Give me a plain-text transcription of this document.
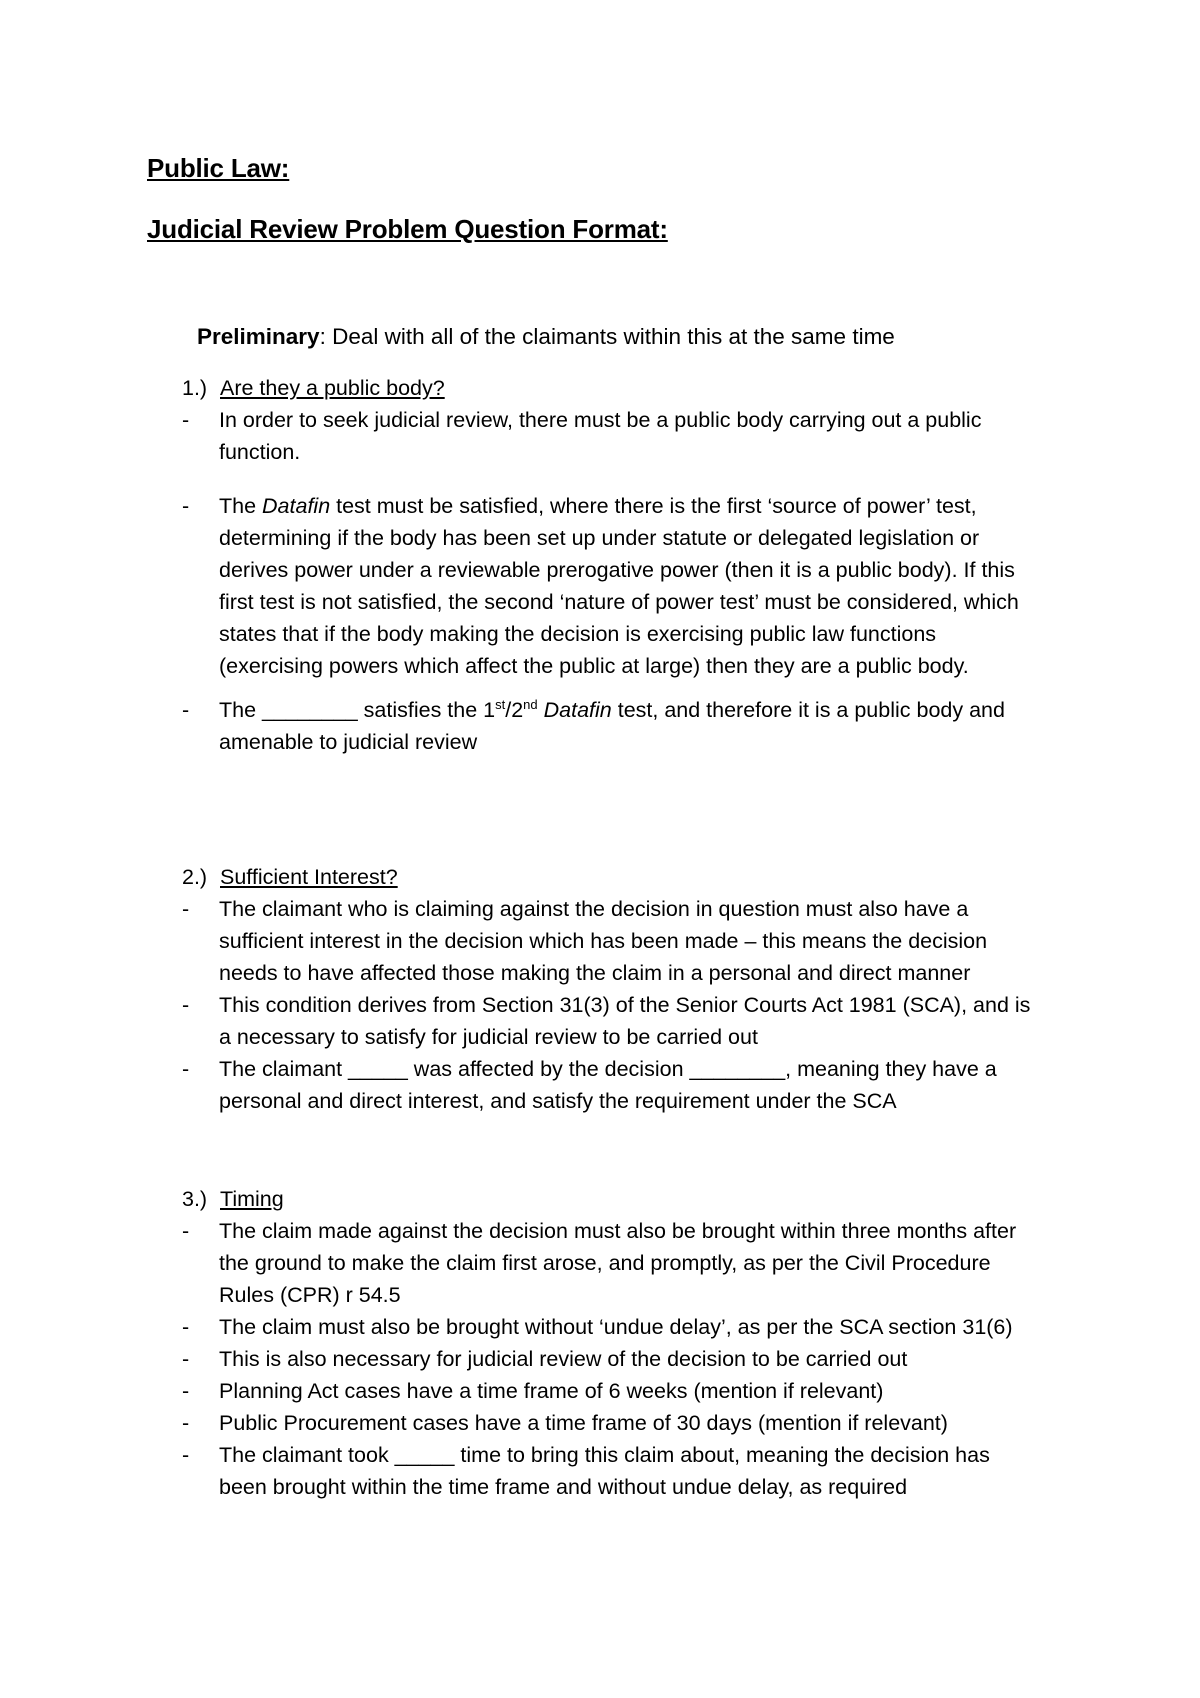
Public Law:
Judicial Review Problem Question Format:
Preliminary: Deal with all of the claimants within this at the same time
1.) Are they a public body?
- In order to seek judicial review, there must be a public body carrying out a public
function.
- The Datafin test must be satisfied, where there is the first ‘source of power’ test,
determining if the body has been set up under statute or delegated legislation or
derives power under a reviewable prerogative power (then it is a public body). If this
first test is not satisfied, the second ‘nature of power test’ must be considered, which
states that if the body making the decision is exercising public law functions
(exercising powers which affect the public at large) then they are a public body.
- The ________ satisfies the 1st/2nd Datafin test, and therefore it is a public body and
amenable to judicial review
2.) Sufficient Interest?
- The claimant who is claiming against the decision in question must also have a
sufficient interest in the decision which has been made – this means the decision
needs to have affected those making the claim in a personal and direct manner
- This condition derives from Section 31(3) of the Senior Courts Act 1981 (SCA), and is
a necessary to satisfy for judicial review to be carried out
- The claimant _____ was affected by the decision ________, meaning they have a
personal and direct interest, and satisfy the requirement under the SCA
3.) Timing
- The claim made against the decision must also be brought within three months after
the ground to make the claim first arose, and promptly, as per the Civil Procedure
Rules (CPR) r 54.5
- The claim must also be brought without ‘undue delay’, as per the SCA section 31(6)
- This is also necessary for judicial review of the decision to be carried out
- Planning Act cases have a time frame of 6 weeks (mention if relevant)
- Public Procurement cases have a time frame of 30 days (mention if relevant)
- The claimant took _____ time to bring this claim about, meaning the decision has
been brought within the time frame and without undue delay, as required
